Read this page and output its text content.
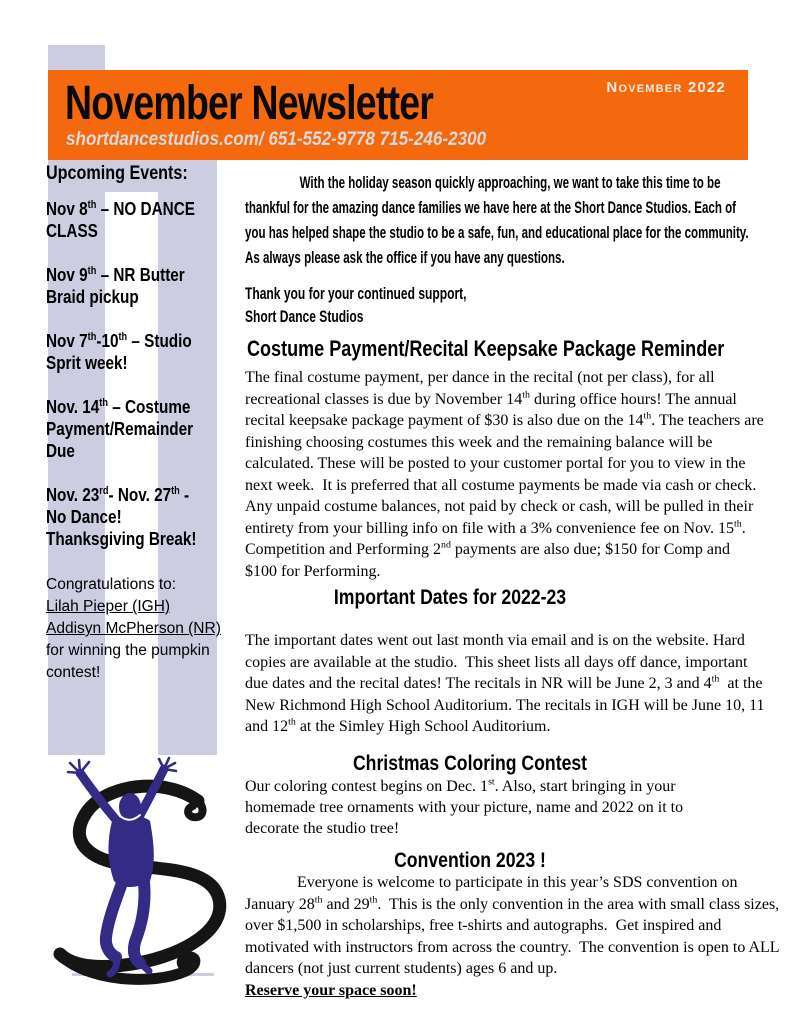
November 2022
November Newsletter
shortdancestudios.com/ 651-552-9778 715-246-2300
Upcoming Events:
Nov 8th – NO DANCE
CLASS
Nov 9th – NR Butter
Braid pickup
Nov 7th-10th – Studio
Sprit week!
Nov. 14th – Costume
Payment/Remainder
Due
Nov. 23rd- Nov. 27th -
No Dance!
Thanksgiving Break!
Congratulations to:
Lilah Pieper (IGH)
Addisyn McPherson (NR)
for winning the pumpkin
contest!
With the holiday season quickly approaching, we want to take this time to be thankful for the amazing dance families we have here at the Short Dance Studios. Each of you has helped shape the studio to be a safe, fun, and educational place for the community.  As always please ask the office if you have any questions.
Thank you for your continued support,
Short Dance Studios
Costume Payment/Recital Keepsake Package Reminder
The final costume payment, per dance in the recital (not per class), for all recreational classes is due by November 14th during office hours! The annual recital keepsake package payment of $30 is also due on the 14th. The teachers are finishing choosing costumes this week and the remaining balance will be calculated. These will be posted to your customer portal for you to view in the next week.  It is preferred that all costume payments be made via cash or check. Any unpaid costume balances, not paid by check or cash, will be pulled in their entirety from your billing info on file with a 3% convenience fee on Nov. 15th. Competition and Performing 2nd payments are also due; $150 for Comp and $100 for Performing.
Important Dates for 2022-23
The important dates went out last month via email and is on the website. Hard copies are available at the studio.  This sheet lists all days off dance, important due dates and the recital dates! The recitals in NR will be June 2, 3 and 4th  at the New Richmond High School Auditorium. The recitals in IGH will be June 10, 11 and 12th at the Simley High School Auditorium.
Christmas Coloring Contest
Our coloring contest begins on Dec. 1st. Also, start bringing in your homemade tree ornaments with your picture, name and 2022 on it to decorate the studio tree!
Convention 2023 !
Everyone is welcome to participate in this year’s SDS convention on January 28th and 29th.  This is the only convention in the area with small class sizes, over $1,500 in scholarships, free t-shirts and autographs.  Get inspired and motivated with instructors from across the country.  The convention is open to ALL dancers (not just current students) ages 6 and up.
Reserve your space soon!
